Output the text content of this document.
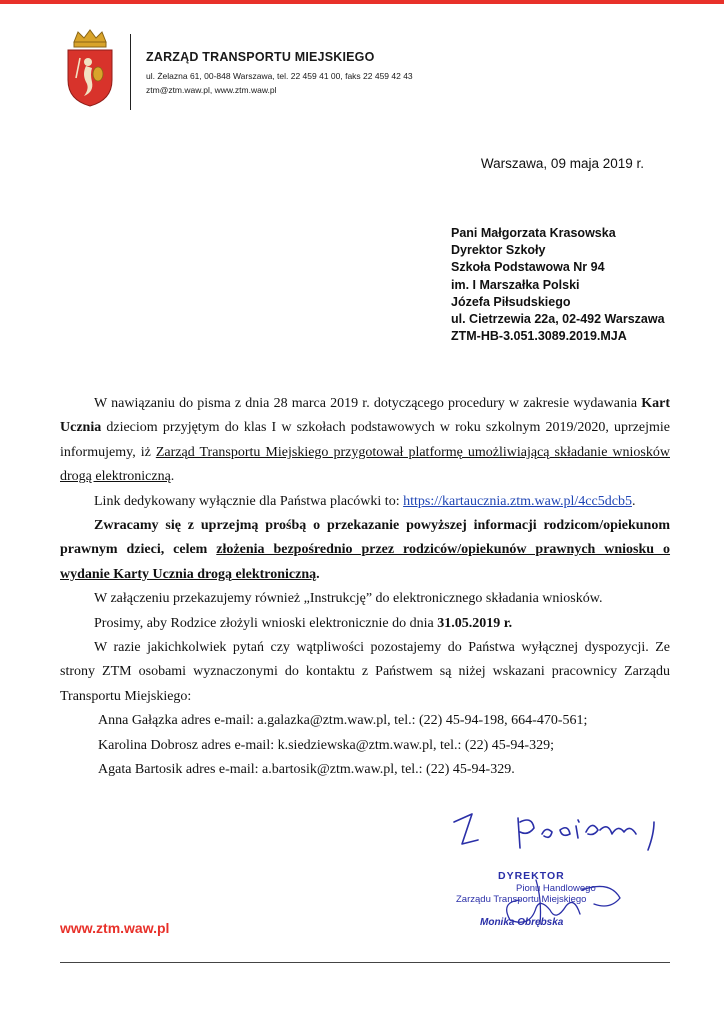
ZARZĄD TRANSPORTU MIEJSKIEGO
ul. Żelazna 61, 00-848 Warszawa, tel. 22 459 41 00, faks 22 459 42 43
ztm@ztm.waw.pl, www.ztm.waw.pl
Warszawa, 09 maja 2019 r.
Pani Małgorzata Krasowska
Dyrektor Szkoły
Szkoła Podstawowa Nr 94
im. I Marszałka Polski
Józefa Piłsudskiego
ul. Cietrzewia 22a, 02-492 Warszawa
ZTM-HB-3.051.3089.2019.MJA

W nawiązaniu do pisma z dnia 28 marca 2019 r. dotyczącego procedury w zakresie wydawania Kart Ucznia dzieciom przyjętym do klas I w szkołach podstawowych w roku szkolnym 2019/2020, uprzejmie informujemy, iż Zarząd Transportu Miejskiego przygotował platformę umożliwiającą składanie wniosków drogą elektroniczną.

Link dedykowany wyłącznie dla Państwa placówki to: https://kartaucznia.ztm.waw.pl/4cc5dcb5.

Zwracamy się z uprzejmą prośbą o przekazanie powyższej informacji rodzicom/opiekunom prawnym dzieci, celem złożenia bezpośrednio przez rodziców/opiekunów prawnych wniosku o wydanie Karty Ucznia drogą elektroniczną.

W załączeniu przekazujemy również „Instrukcję” do elektronicznego składania wniosków.

Prosimy, aby Rodzice złożyli wnioski elektronicznie do dnia 31.05.2019 r.

W razie jakichkolwiek pytań czy wątpliwości pozostajemy do Państwa wyłącznej dyspozycji. Ze strony ZTM osobami wyznaczonymi do kontaktu z Państwem są niżej wskazani pracownicy Zarządu Transportu Miejskiego:

Anna Gałązka adres e-mail: a.galazka@ztm.waw.pl, tel.: (22) 45-94-198, 664-470-561;

Karolina Dobrosz adres e-mail: k.siedziewska@ztm.waw.pl, tel.: (22) 45-94-329;

Agata Bartosik adres e-mail: a.bartosik@ztm.waw.pl, tel.: (22) 45-94-329.

DYREKTOR
Pionu Handlowego
Zarządu Transportu Miejskiego
Monika Obrębska
www.ztm.waw.pl
